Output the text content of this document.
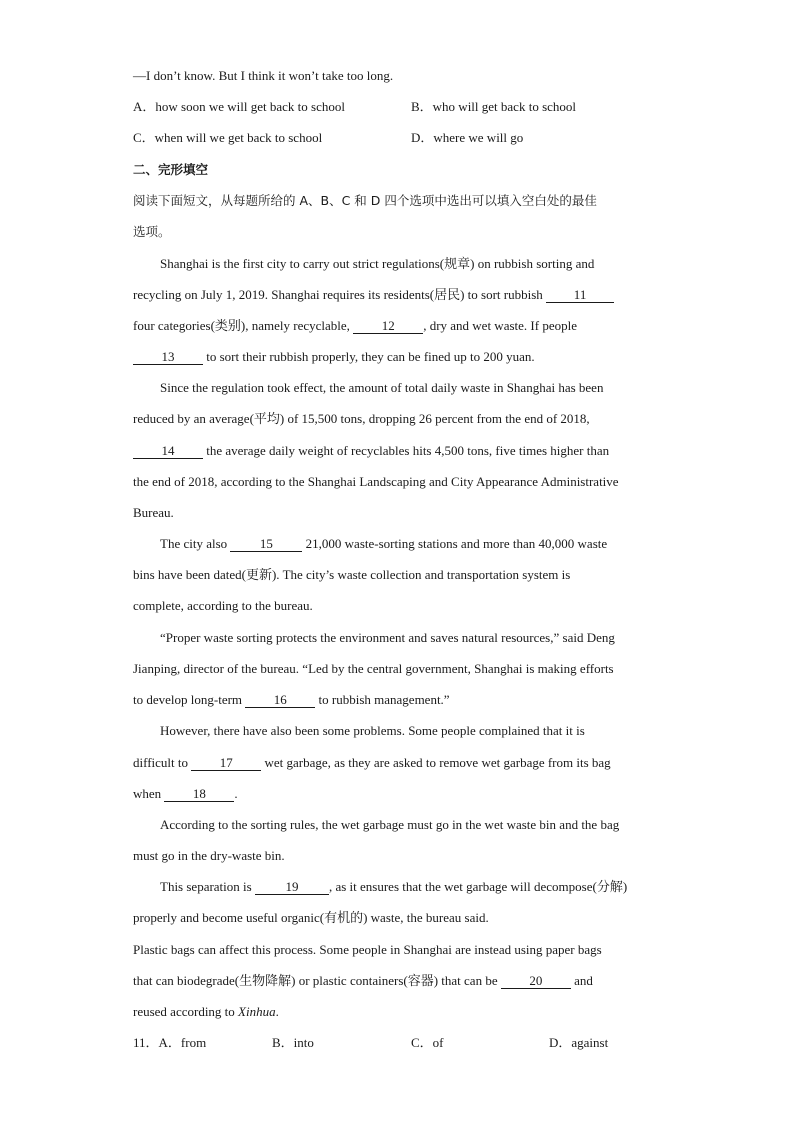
—I don’t know. But I think it won’t take too long.
A．how soon we will get back to school	B．who will get back to school
C．when will we get back to school	D．where we will go
二、完形填空
阅读下面短文，从每题所给的 A、B、C 和 D 四个选项中选出可以填入空白处的最佳
选项。
Shanghai is the first city to carry out strict regulations(规章) on rubbish sorting and
recycling on July 1, 2019. Shanghai requires its residents(居民) to sort rubbish 11
four categories(类别), namely recyclable, 12 , dry and wet waste. If people
13 to sort their rubbish properly, they can be fined up to 200 yuan.
Since the regulation took effect, the amount of total daily waste in Shanghai has been
reduced by an average(平均) of 15,500 tons, dropping 26 percent from the end of 2018,
14 the average daily weight of recyclables hits 4,500 tons, five times higher than
the end of 2018, according to the Shanghai Landscaping and City Appearance Administrative
Bureau.
The city also 15 21,000 waste-sorting stations and more than 40,000 waste
bins have been dated(更新). The city’s waste collection and transportation system is
complete, according to the bureau.
“Proper waste sorting protects the environment and saves natural resources,” said Deng
Jianping, director of the bureau. “Led by the central government, Shanghai is making efforts
to develop long-term 16 to rubbish management.”
However, there have also been some problems. Some people complained that it is
difficult to 17 wet garbage, as they are asked to remove wet garbage from its bag
when 18 .
According to the sorting rules, the wet garbage must go in the wet waste bin and the bag
must go in the dry-waste bin.
This separation is 19 , as it ensures that the wet garbage will decompose(分解)
properly and become useful organic(有机的) waste, the bureau said.
Plastic bags can affect this process. Some people in Shanghai are instead using paper bags
that can biodegrade(生物降解) or plastic containers(容器) that can be 20 and
reused according to Xinhua.
11．A．from	B．into	C．of	D．against
